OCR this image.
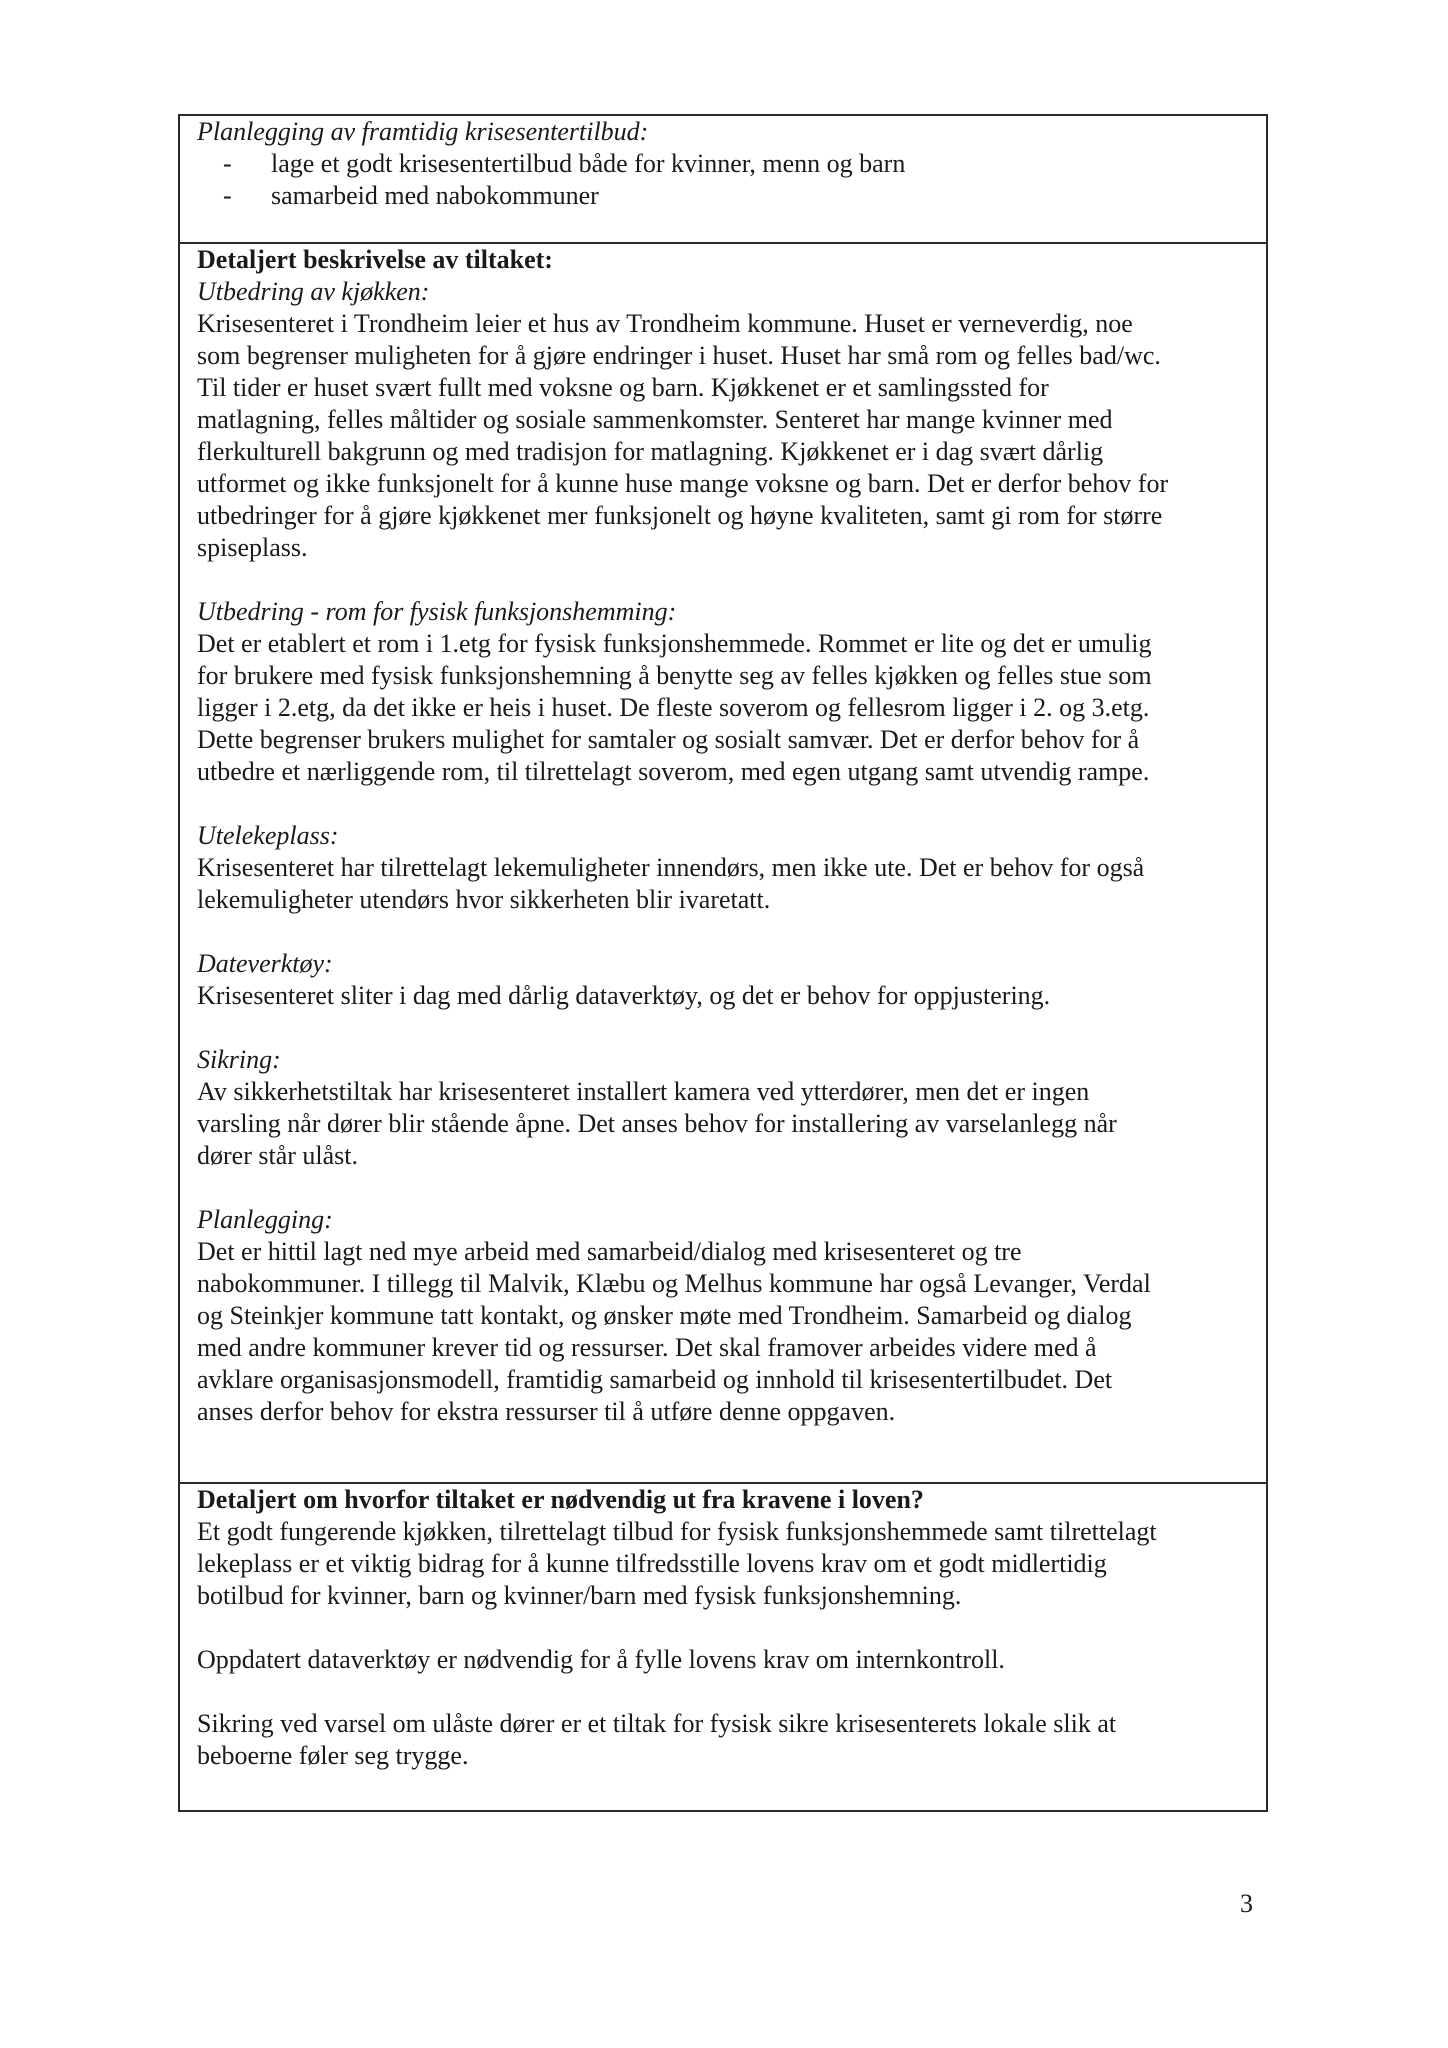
Planlegging av framtidig krisesentertilbud:

- lage et godt krisesentertilbud både for kvinner, menn og barn
- samarbeid med nabokommuner

Detaljert beskrivelse av tiltaket:

Utbedring av kjøkken:

Krisesenteret i Trondheim leier et hus av Trondheim kommune. Huset er verneverdig, noe
som begrenser muligheten for å gjøre endringer i huset. Huset har små rom og felles bad/wc.
Til tider er huset svært fullt med voksne og barn. Kjøkkenet er et samlingssted for
matlagning, felles måltider og sosiale sammenkomster. Senteret har mange kvinner med
flerkulturell bakgrunn og med tradisjon for matlagning. Kjøkkenet er i dag svært dårlig
utformet og ikke funksjonelt for å kunne huse mange voksne og barn. Det er derfor behov for
utbedringer for å gjøre kjøkkenet mer funksjonelt og høyne kvaliteten, samt gi rom for større
spiseplass.

Utbedring - rom for fysisk funksjonshemming:

Det er etablert et rom i 1.etg for fysisk funksjonshemmede. Rommet er lite og det er umulig
for brukere med fysisk funksjonshemning å benytte seg av felles kjøkken og felles stue som
ligger i 2.etg, da det ikke er heis i huset. De fleste soverom og fellesrom ligger i 2. og 3.etg.
Dette begrenser brukers mulighet for samtaler og sosialt samvær. Det er derfor behov for å
utbedre et nærliggende rom, til tilrettelagt soverom, med egen utgang samt utvendig rampe.

Utelekeplass:

Krisesenteret har tilrettelagt lekemuligheter innendørs, men ikke ute. Det er behov for også
lekemuligheter utendørs hvor sikkerheten blir ivaretatt.

Dateverktøy:

Krisesenteret sliter i dag med dårlig dataverktøy, og det er behov for oppjustering.

Sikring:

Av sikkerhetstiltak har krisesenteret installert kamera ved ytterdører, men det er ingen
varsling når dører blir stående åpne. Det anses behov for installering av varselanlegg når
dører står ulåst.

Planlegging:

Det er hittil lagt ned mye arbeid med samarbeid/dialog med krisesenteret og tre
nabokommuner. I tillegg til Malvik, Klæbu og Melhus kommune har også Levanger, Verdal
og Steinkjer kommune tatt kontakt, og ønsker møte med Trondheim. Samarbeid og dialog
med andre kommuner krever tid og ressurser. Det skal framover arbeides videre med å
avklare organisasjonsmodell, framtidig samarbeid og innhold til krisesentertilbudet. Det
anses derfor behov for ekstra ressurser til å utføre denne oppgaven.

Detaljert om hvorfor tiltaket er nødvendig ut fra kravene i loven?

Et godt fungerende kjøkken, tilrettelagt tilbud for fysisk funksjonshemmede samt tilrettelagt
lekeplass er et viktig bidrag for å kunne tilfredsstille lovens krav om et godt midlertidig
botilbud for kvinner, barn og kvinner/barn med fysisk funksjonshemning.
Oppdatert dataverktøy er nødvendig for å fylle lovens krav om internkontroll.
Sikring ved varsel om ulåste dører er et tiltak for fysisk sikre krisesenterets lokale slik at
beboerne føler seg trygge.
3
